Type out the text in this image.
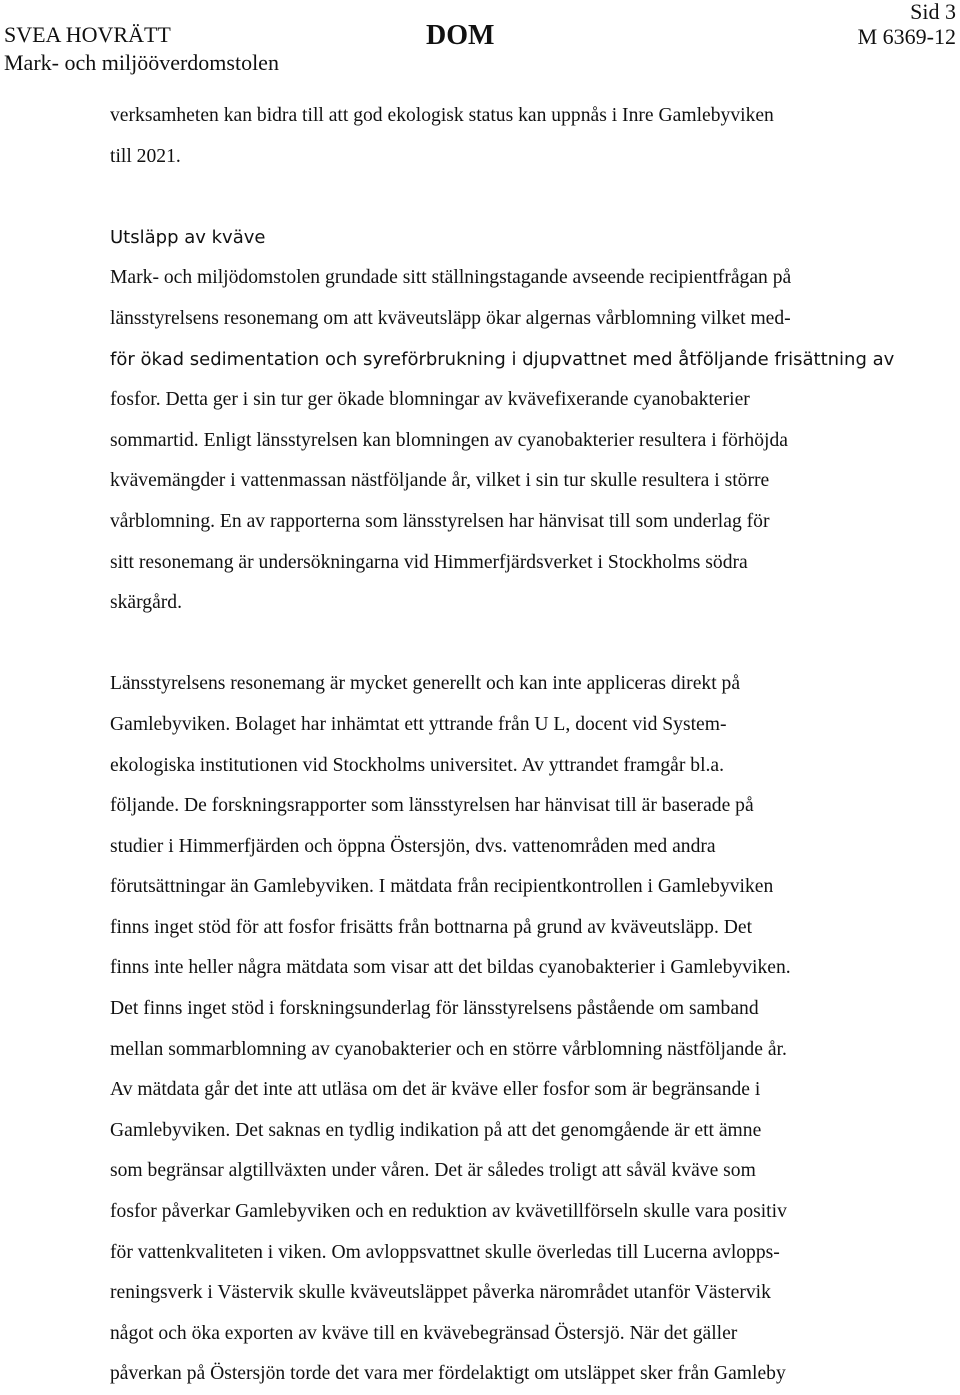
SVEA HOVRÄTT
Mark- och miljööverdomstolen
DOM
Sid 3
M 6369-12

verksamheten kan bidra till att god ekologisk status kan uppnås i Inre Gamlebyviken

till 2021.

Utsläpp av kväve

Mark- och miljödomstolen grundade sitt ställningstagande avseende recipientfrågan på

länsstyrelsens resonemang om att kväveutsläpp ökar algernas vårblomning vilket med-

för ökad sedimentation och syreförbrukning i djupvattnet med åtföljande frisättning av

fosfor. Detta ger i sin tur ger ökade blomningar av kvävefixerande cyanobakterier

sommartid. Enligt länsstyrelsen kan blomningen av cyanobakterier resultera i förhöjda

kvävemängder i vattenmassan nästföljande år, vilket i sin tur skulle resultera i större

vårblomning. En av rapporterna som länsstyrelsen har hänvisat till som underlag för

sitt resonemang är undersökningarna vid Himmerfjärdsverket i Stockholms södra

skärgård.

Länsstyrelsens resonemang är mycket generellt och kan inte appliceras direkt på

Gamlebyviken. Bolaget har inhämtat ett yttrande från U L, docent vid System-

ekologiska institutionen vid Stockholms universitet. Av yttrandet framgår bl.a.

följande. De forskningsrapporter som länsstyrelsen har hänvisat till är baserade på

studier i Himmerfjärden och öppna Östersjön, dvs. vattenområden med andra

förutsättningar än Gamlebyviken. I mätdata från recipientkontrollen i Gamlebyviken

finns inget stöd för att fosfor frisätts från bottnarna på grund av kväveutsläpp. Det

finns inte heller några mätdata som visar att det bildas cyanobakterier i Gamlebyviken.

Det finns inget stöd i forskningsunderlag för länsstyrelsens påstående om samband

mellan sommarblomning av cyanobakterier och en större vårblomning nästföljande år.

Av mätdata går det inte att utläsa om det är kväve eller fosfor som är begränsande i

Gamlebyviken. Det saknas en tydlig indikation på att det genomgående är ett ämne

som begränsar algtillväxten under våren. Det är således troligt att såväl kväve som

fosfor påverkar Gamlebyviken och en reduktion av kvävetillförseln skulle vara positiv

för vattenkvaliteten i viken. Om avloppsvattnet skulle överledas till Lucerna avlopps-

reningsverk i Västervik skulle kväveutsläppet påverka närområdet utanför Västervik

något och öka exporten av kväve till en kvävebegränsad Östersjö. När det gäller

påverkan på Östersjön torde det vara mer fördelaktigt om utsläppet sker från Gamleby
